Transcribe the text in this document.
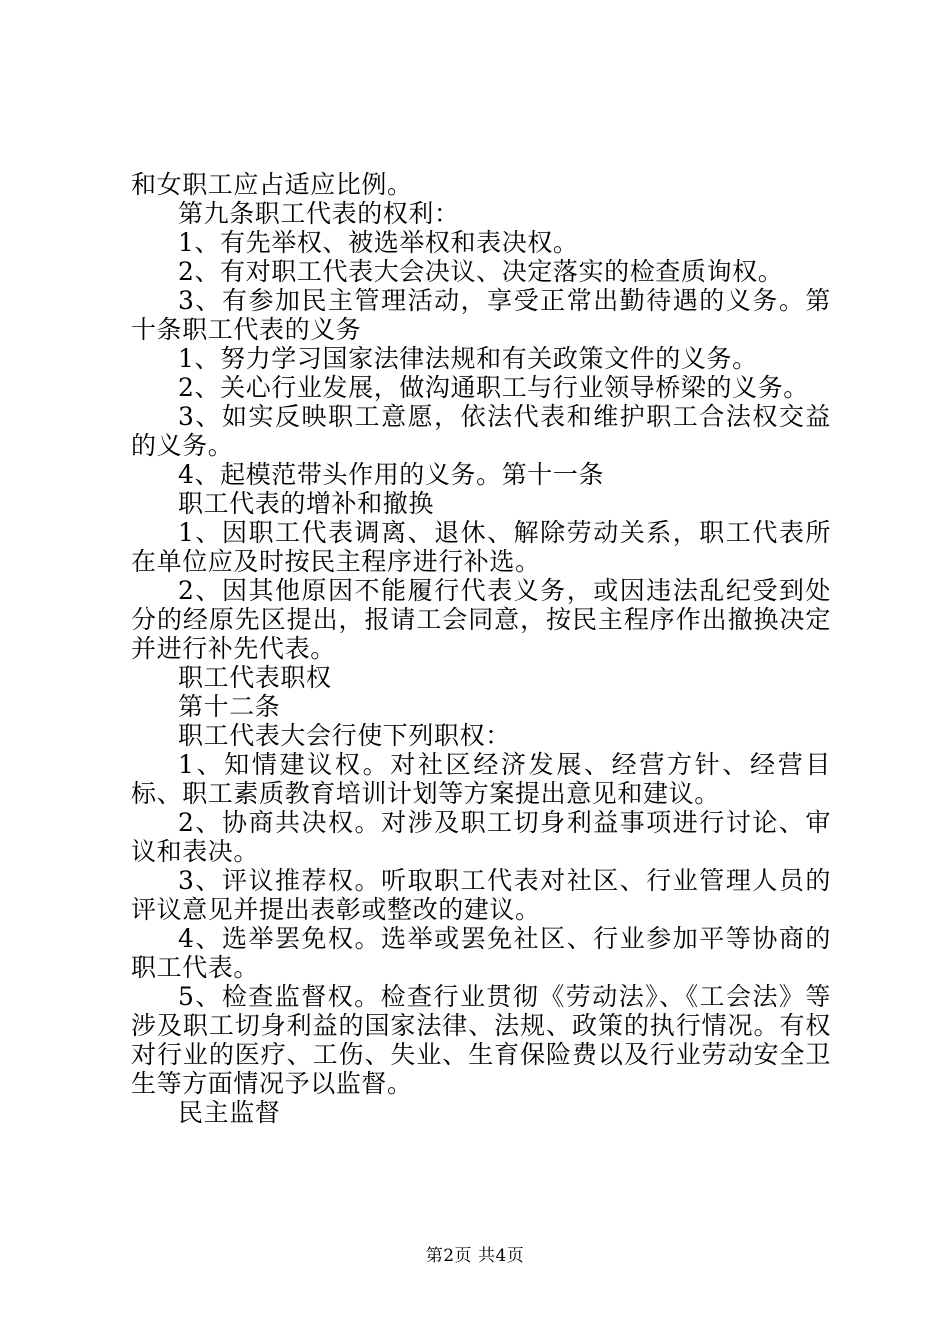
和女职工应占适应比例。

第九条职工代表的权利：

1、有先举权、被选举权和表决权。

2、有对职工代表大会决议、决定落实的检查质询权。

3、有参加民主管理活动，享受正常出勤待遇的义务。第十条职工代表的义务

1、努力学习国家法律法规和有关政策文件的义务。

2、关心行业发展，做沟通职工与行业领导桥梁的义务。

3、如实反映职工意愿，依法代表和维护职工合法权交益的义务。

4、起模范带头作用的义务。第十一条

职工代表的增补和撤换

1、因职工代表调离、退休、解除劳动关系，职工代表所在单位应及时按民主程序进行补选。

2、因其他原因不能履行代表义务，或因违法乱纪受到处分的经原先区提出，报请工会同意，按民主程序作出撤换决定并进行补先代表。

职工代表职权

第十二条

职工代表大会行使下列职权：

1、知情建议权。对社区经济发展、经营方针、经营目标、职工素质教育培训计划等方案提出意见和建议。

2、协商共决权。对涉及职工切身利益事项进行讨论、审议和表决。

3、评议推荐权。听取职工代表对社区、行业管理人员的评议意见并提出表彰或整改的建议。

4、选举罢免权。选举或罢免社区、行业参加平等协商的职工代表。

5、检查监督权。检查行业贯彻《劳动法》、《工会法》等涉及职工切身利益的国家法律、法规、政策的执行情况。有权对行业的医疗、工伤、失业、生育保险费以及行业劳动安全卫生等方面情况予以监督。

民主监督

第2页 共4页
